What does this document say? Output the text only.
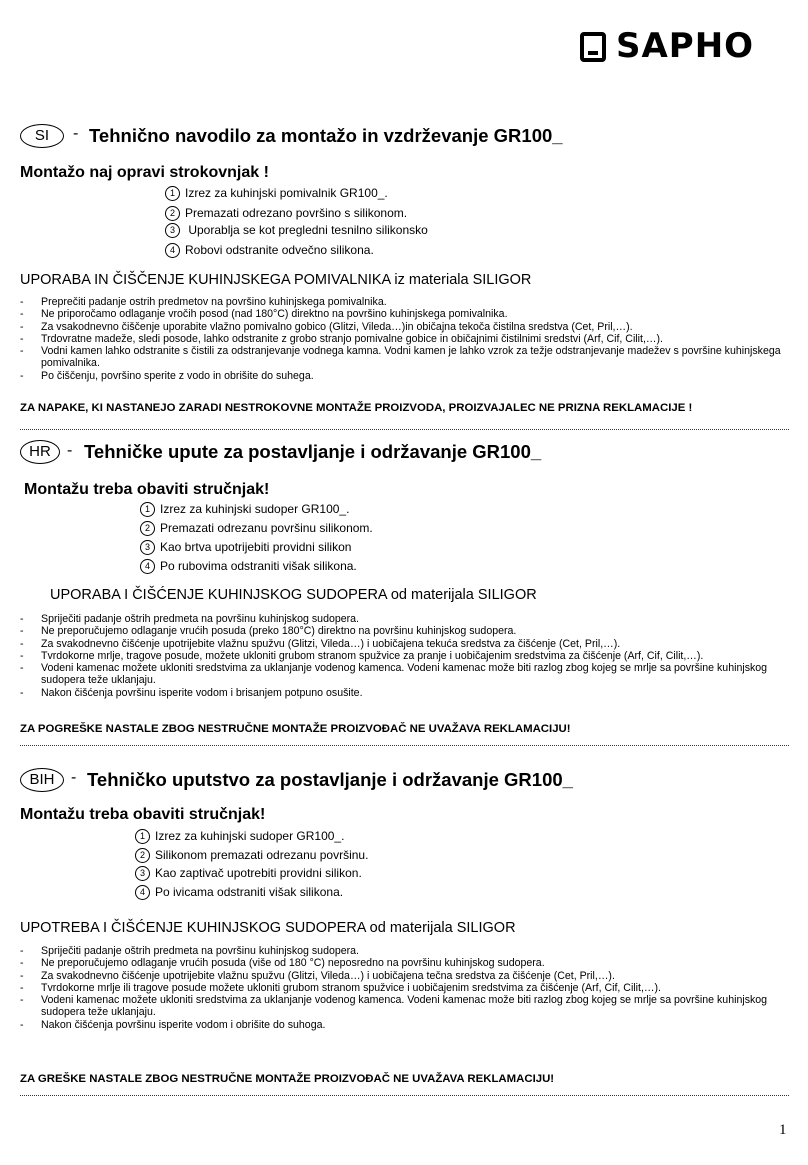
SAPHO
SI	- Tehnično navodilo za montažo in vzdrževanje GR100_
Montažo naj opravi strokovnjak !
1 Izrez za kuhinjski pomivalnik GR100_.
2 Premazati odrezano površino s silikonom.
3 Uporablja se kot pregledni tesnilno silikonsko
4 Robovi odstranite odvečno silikona.
UPORABA IN ČIŠČENJE KUHINJSKEGA POMIVALNIKA iz materiala SILIGOR
- Preprečiti padanje ostrih predmetov na površino kuhinjskega pomivalnika.
- Ne priporočamo odlaganje vročih posod (nad 180°C) direktno na površino kuhinjskega pomivalnika.
- Za vsakodnevno čiščenje uporabite vlažno pomivalno gobico (Glitzi, Vileda…)in običajna tekoča čistilna sredstva (Cet, Pril,…).
- Trdovratne madeže, sledi posode, lahko odstranite z grobo stranjo pomivalne gobice in običajnimi čistilnimi sredstvi (Arf, Cif, Cilit,…).
- Vodni kamen lahko odstranite s čistili za odstranjevanje vodnega kamna. Vodni kamen je lahko vzrok za težje odstranjevanje madežev s površine kuhinjskega pomivalnika.
- Po čiščenju, površino sperite z vodo in obrišite do suhega.
ZA NAPAKE, KI NASTANEJO ZARADI NESTROKOVNE MONTAŽE PROIZVODA, PROIZVAJALEC NE PRIZNA REKLAMACIJE !
HR	- Tehničke upute za postavljanje i održavanje GR100_
Montažu treba obaviti stručnjak!
1 Izrez za kuhinjski sudoper GR100_.
2 Premazati odrezanu površinu silikonom.
3 Kao brtva upotrijebiti providni silikon
4 Po rubovima odstraniti višak silikona.
UPORABA I ČIŠĆENJE KUHINJSKOG SUDOPERA od materijala SILIGOR
- Spriječiti padanje oštrih predmeta na površinu kuhinjskog sudopera.
- Ne preporučujemo odlaganje vrućih posuda (preko 180°C) direktno na površinu kuhinjskog sudopera.
- Za svakodnevno čišćenje upotrijebite vlažnu spužvu (Glitzi, Vileda…) i uobičajena tekuća sredstva za čišćenje (Cet, Pril,…).
- Tvrdokorne mrlje, tragove posude, možete ukloniti grubom stranom spužvice za pranje i uobičajenim sredstvima za čišćenje (Arf, Cif, Cilit,…).
- Vodeni kamenac možete ukloniti sredstvima za uklanjanje vodenog kamenca. Vodeni kamenac može biti razlog zbog kojeg se mrlje sa površine kuhinjskog sudopera teže uklanjaju.
- Nakon čišćenja površinu isperite vodom i brisanjem potpuno osušite.
ZA POGREŠKE NASTALE ZBOG NESTRUČNE MONTAŽE PROIZVOĐAČ NE UVAŽAVA REKLAMACIJU!
BIH	- Tehničko uputstvo za postavljanje i održavanje GR100_
Montažu treba obaviti stručnjak!
1 Izrez za kuhinjski sudoper GR100_.
2 Silikonom premazati odrezanu površinu.
3 Kao zaptivač upotrebiti providni silikon.
4 Po ivicama odstraniti višak silikona.
UPOTREBA I ČIŠĆENJE KUHINJSKOG SUDOPERA od materijala SILIGOR
- Spriječiti padanje oštrih predmeta na površinu kuhinjskog sudopera.
- Ne preporučujemo odlaganje vrućih posuda (više od 180 °C) neposredno na površinu kuhinjskog sudopera.
- Za svakodnevno čišćenje upotrijebite vlažnu spužvu (Glitzi, Vileda…) i uobičajena tečna sredstva za čišćenje (Cet, Pril,…).
- Tvrdokorne mrlje ili tragove posude možete ukloniti grubom stranom spužvice i uobičajenim sredstvima za čišćenje (Arf, Cif, Cilit,…).
- Vodeni kamenac možete ukloniti sredstvima za uklanjanje vodenog kamenca. Vodeni kamenac može biti razlog zbog kojeg se mrlje sa površine kuhinjskog sudopera teže uklanjaju.
- Nakon čišćenja površinu isperite vodom i obrišite do suhoga.
ZA GREŠKE NASTALE ZBOG NESTRUČNE MONTAŽE PROIZVOĐAČ NE UVAŽAVA REKLAMACIJU!
1
